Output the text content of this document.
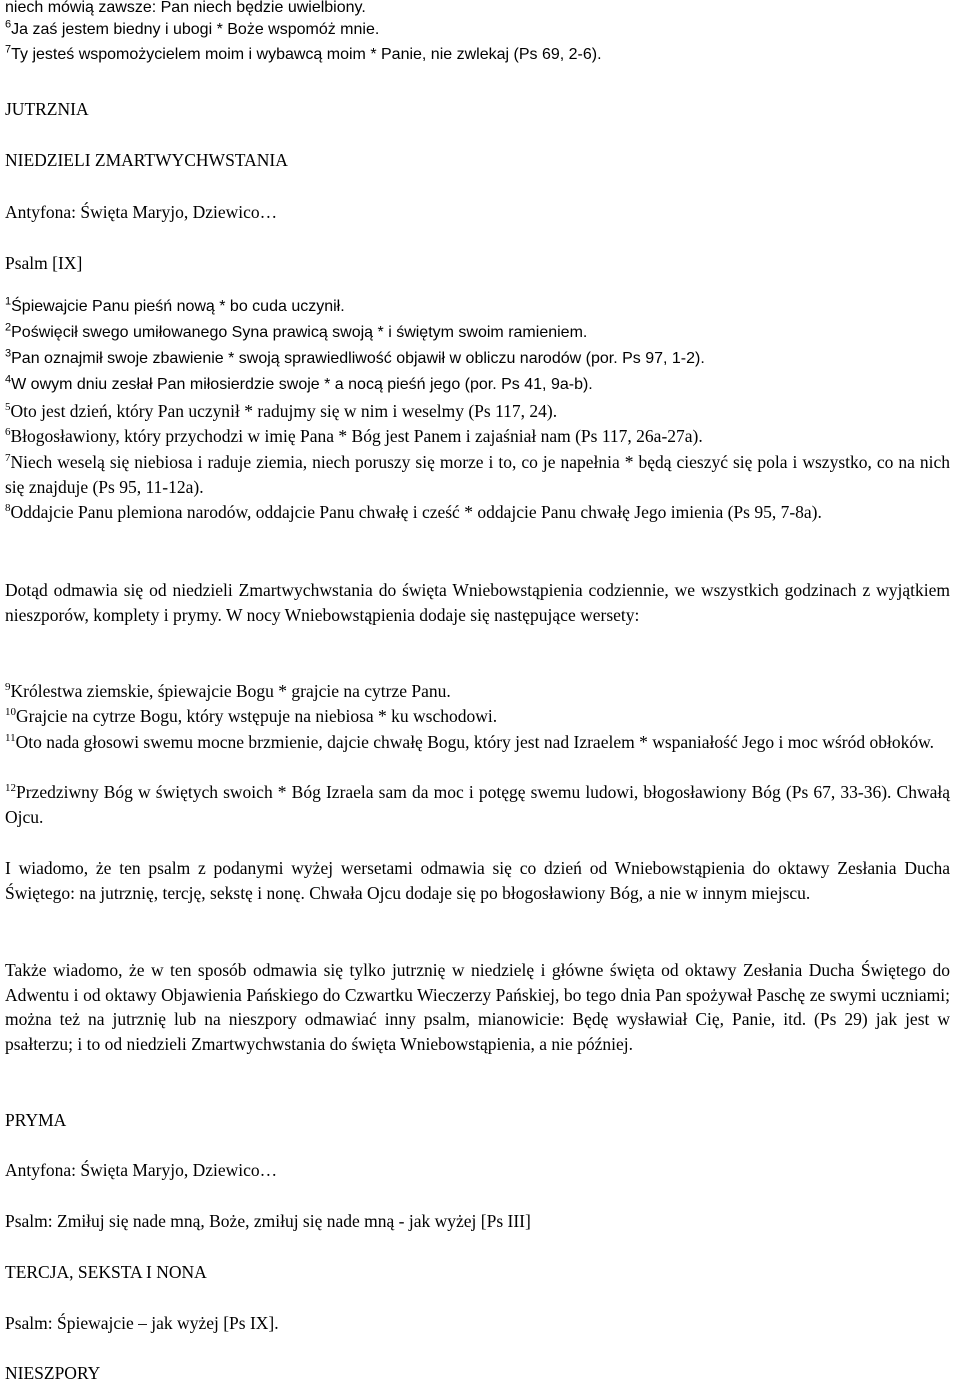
niech mówią zawsze: Pan niech będzie uwielbiony.
$^6$Ja zaś jestem biedny i ubogi * Boże wspomóż mnie.
$^7$Ty jesteś wspomożycielem moim i wybawcą moim * Panie, nie zwlekaj (Ps 69, 2-6).
JUTRZNIA
NIEDZIELI ZMARTWYCHWSTANIA
Antyfona: Święta Maryjo, Dziewico…
Psalm [IX]
$^1$Śpiewajcie Panu pieśń nową * bo cuda uczynił.
$^2$Poświęcił swego umiłowanego Syna prawicą swoją * i świętym swoim ramieniem.
$^3$Pan oznajmił swoje zbawienie * swoją sprawiedliwość objawił w obliczu narodów (por. Ps 97, 1-2).
$^4$W owym dniu zesłał Pan miłosierdzie swoje * a nocą pieśń jego (por. Ps 41, 9a-b).
$^5$Oto jest dzień, który Pan uczynił * radujmy się w nim i weselmy (Ps 117, 24).
$^6$Błogosławiony, który przychodzi w imię Pana * Bóg jest Panem i zajaśniał nam (Ps 117, 26a-27a).
$^7$Niech weselą się niebiosa i raduje ziemia, niech poruszy się morze i to, co je napełnia * będą cieszyć się pola i wszystko, co na nich się znajduje (Ps 95, 11-12a).
$^8$Oddajcie Panu plemiona narodów, oddajcie Panu chwałę i cześć * oddajcie Panu chwałę Jego imienia (Ps 95, 7-8a).
Dotąd odmawia się od niedzieli Zmartwychwstania do święta Wniebowstąpienia codziennie, we wszystkich godzinach z wyjątkiem nieszporów, komplety i prymy. W nocy Wniebowstąpienia dodaje się następujące wersety:
$^9$Królestwa ziemskie, śpiewajcie Bogu * grajcie na cytrze Panu.
$^{10}$Grajcie na cytrze Bogu, który wstępuje na niebiosa * ku wschodowi.
$^{11}$Oto nada głosowi swemu mocne brzmienie, dajcie chwałę Bogu, który jest nad Izraelem * wspaniałość Jego i moc wśród obłoków.
$^{12}$Przedziwny Bóg w świętych swoich * Bóg Izraela sam da moc i potęgę swemu ludowi, błogosławiony Bóg (Ps 67, 33-36). Chwałą Ojcu.
I wiadomo, że ten psalm z podanymi wyżej wersetami odmawia się co dzień od Wniebowstąpienia do oktawy Zesłania Ducha Świętego: na jutrznię, tercję, sekstę i nonę. Chwała Ojcu dodaje się po błogosławiony Bóg, a nie w innym miejscu.
Także wiadomo, że w ten sposób odmawia się tylko jutrznię w niedzielę i główne święta od oktawy Zesłania Ducha Świętego do Adwentu i od oktawy Objawienia Pańskiego do Czwartku Wieczerzy Pańskiej, bo tego dnia Pan spożywał Paschę ze swymi uczniami; można też na jutrznię lub na nieszpory odmawiać inny psalm, mianowicie: Będę wysławiał Cię, Panie, itd. (Ps 29) jak jest w psałterzu; i to od niedzieli Zmartwychwstania do święta Wniebowstąpienia, a nie później.
PRYMA
Antyfona: Święta Maryjo, Dziewico…
Psalm: Zmiłuj się nade mną, Boże, zmiłuj się nade mną - jak wyżej [Ps III]
TERCJA, SEKSTA I NONA
Psalm: Śpiewajcie – jak wyżej [Ps IX].
NIESZPORY
